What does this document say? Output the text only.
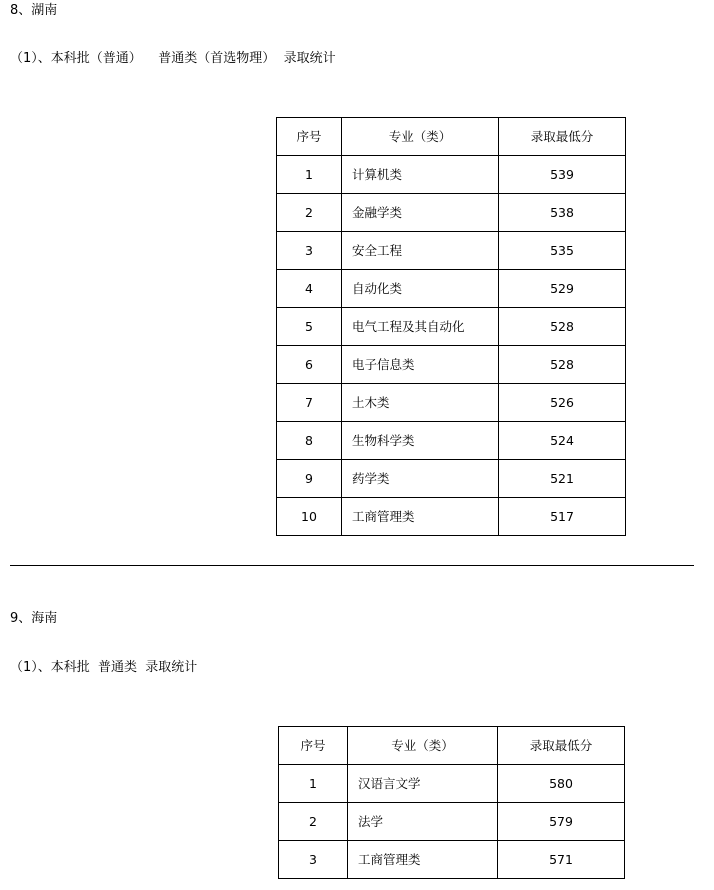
8、湖南
（1）、本科批（普通）    普通类（首选物理）  录取统计
序号	专业（类）	录取最低分
1	计算机类	539
2	金融学类	538
3	安全工程	535
4	自动化类	529
5	电气工程及其自动化	528
6	电子信息类	528
7	土木类	526
8	生物科学类	524
9	药学类	521
10	工商管理类	517
9、海南
（1）、本科批  普通类  录取统计
序号	专业（类）	录取最低分
1	汉语言文学	580
2	法学	579
3	工商管理类	571
